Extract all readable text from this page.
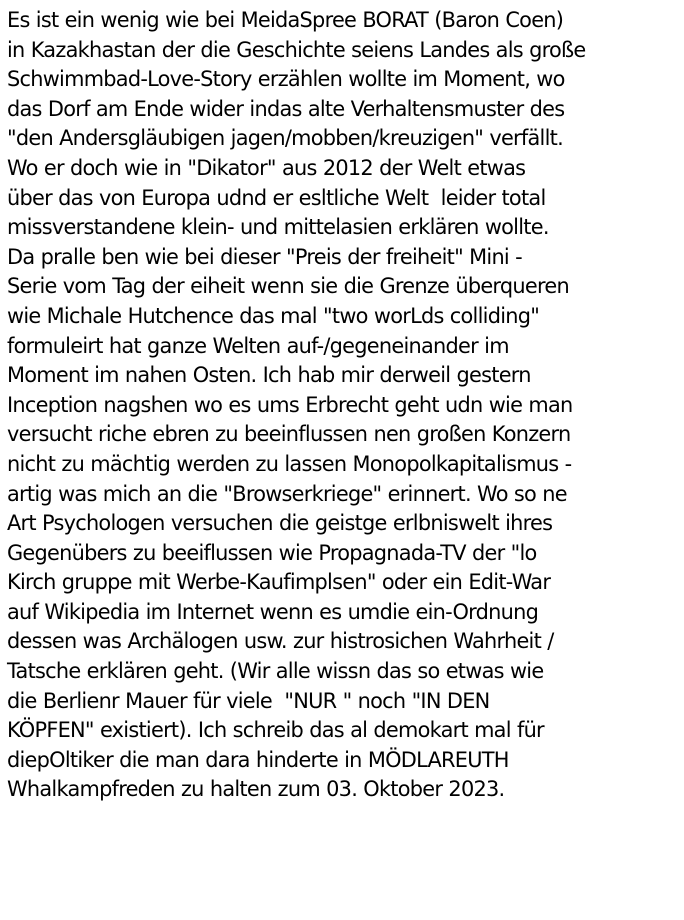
Es ist ein wenig wie bei MeidaSpree BORAT (Baron Coen)
in Kazakhastan der die Geschichte seiens Landes als große
Schwimmbad-Love-Story erzählen wollte im Moment, wo
das Dorf am Ende wider indas alte Verhaltensmuster des
"den Andersgläubigen jagen/mobben/kreuzigen" verfällt.
Wo er doch wie in "Dikator" aus 2012 der Welt etwas
über das von Europa udnd er esltliche Welt  leider total
missverstandene klein- und mittelasien erklären wollte.
Da pralle ben wie bei dieser "Preis der freiheit" Mini -
Serie vom Tag der eiheit wenn sie die Grenze überqueren
wie Michale Hutchence das mal "two worLds colliding"
formuleirt hat ganze Welten auf-/gegeneinander im
Moment im nahen Osten. Ich hab mir derweil gestern
Inception nagshen wo es ums Erbrecht geht udn wie man
versucht riche ebren zu beeinflussen nen großen Konzern
nicht zu mächtig werden zu lassen Monopolkapitalismus -
artig was mich an die "Browserkriege" erinnert. Wo so ne
Art Psychologen versuchen die geistge erlbniswelt ihres
Gegenübers zu beeiflussen wie Propagnada-TV der "lo
Kirch gruppe mit Werbe-Kaufimplsen" oder ein Edit-War
auf Wikipedia im Internet wenn es umdie ein-Ordnung
dessen was Archälogen usw. zur histrosichen Wahrheit /
Tatsche erklären geht. (Wir alle wissn das so etwas wie
die Berlienr Mauer für viele  "NUR " noch "IN DEN
KÖPFEN" existiert). Ich schreib das al demokart mal für
diepOltiker die man dara hinderte in MÖDLAREUTH
Whalkampfreden zu halten zum 03. Oktober 2023.
